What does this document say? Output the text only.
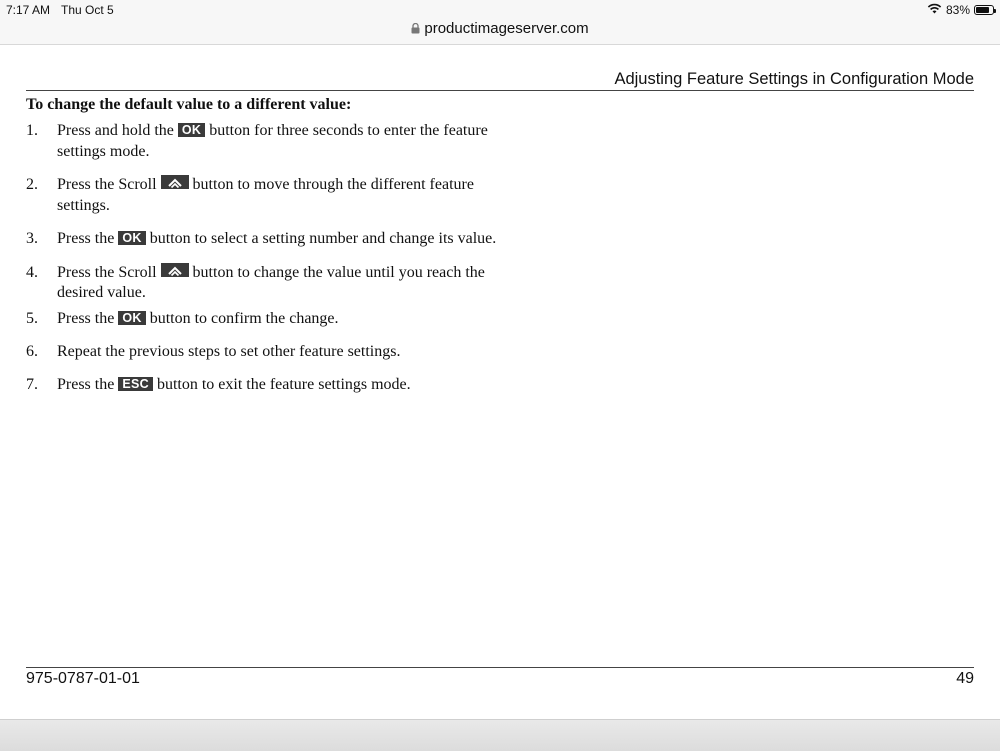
7:17 AM Thu Oct 5	83%
productimageserver.com
Adjusting Feature Settings in Configuration Mode
To change the default value to a different value:
1.	Press and hold the OK button for three seconds to enter the feature settings mode.
2.	Press the Scroll button to move through the different feature settings.
3.	Press the OK button to select a setting number and change its value.
4.	Press the Scroll button to change the value until you reach the desired value.
5.	Press the OK button to confirm the change.
6.	Repeat the previous steps to set other feature settings.
7.	Press the ESC button to exit the feature settings mode.
975-0787-01-01	49
